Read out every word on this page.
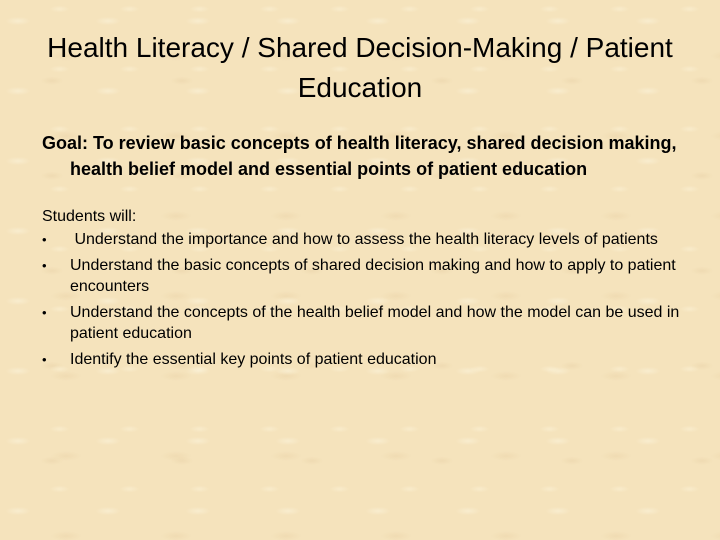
Health Literacy / Shared Decision-Making / Patient Education

Goal: To review basic concepts of health literacy, shared decision making, health belief model and essential points of patient education

Students will:

• Understand the importance and how to assess the health literacy levels of patients
• Understand the basic concepts of shared decision making and how to apply to patient encounters
• Understand the concepts of the health belief model and how the model can be used in patient education
• Identify the essential key points of patient education
